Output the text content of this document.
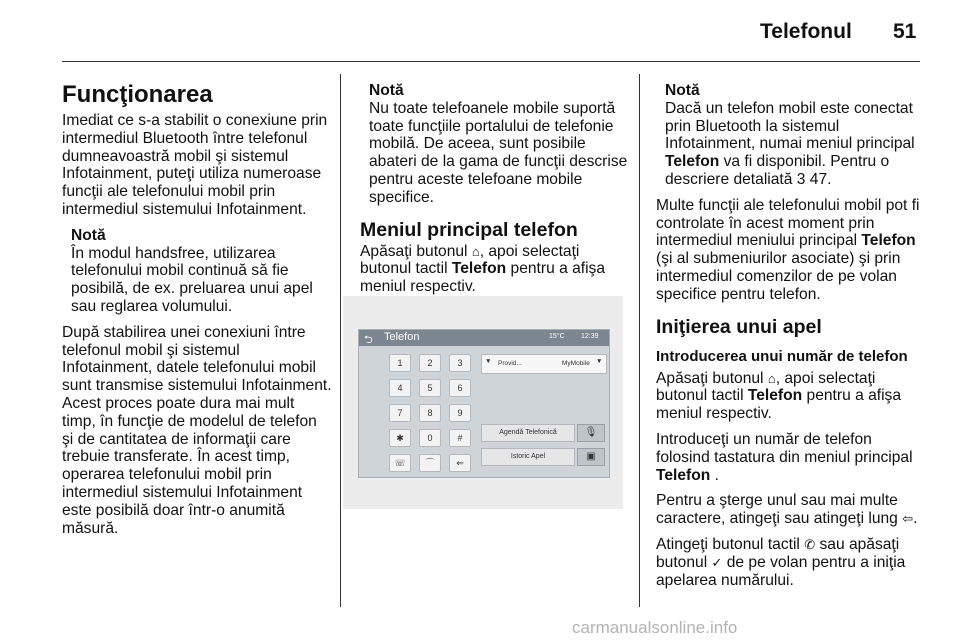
Telefonul 51
Funcţionarea

Imediat ce s-a stabilit o conexiune prin intermediul Bluetooth între telefonul dumneavoastră mobil şi sistemul Infotainment, puteţi utiliza numeroase funcţii ale telefonului mobil prin intermediul sistemului Infotainment.

Notă
În modul handsfree, utilizarea telefonului mobil continuă să fie posibilă, de ex. preluarea unui apel sau reglarea volumului.

După stabilirea unei conexiuni între telefonul mobil şi sistemul Infotainment, datele telefonului mobil sunt transmise sistemului Infotainment. Acest proces poate dura mai mult timp, în funcţie de modelul de telefon şi de cantitatea de informaţii care trebuie transferate. În acest timp, operarea telefonului mobil prin intermediul sistemului Infotainment este posibilă doar într-o anumită măsură.

Notă
Nu toate telefoanele mobile suportă toate funcţiile portalului de telefonie mobilă. De aceea, sunt posibile abateri de la gama de funcţii descrise pentru aceste telefoane mobile specifice.
Meniul principal telefon

Apăsaţi butonul ⌂, apoi selectaţi butonul tactil Telefon pentru a afişa meniul respectiv.

⮌ Telefon	15°C 12:39
1	2	3
4	5	6
7	8	9
✱	0	#
☏	⌒	⇐
▼ Provid...	MyMobile ▼
Agendă Telefonică	🎙
Istoric Apel	▣
Notă
Dacă un telefon mobil este conectat prin Bluetooth la sistemul Infotainment, numai meniul principal Telefon va fi disponibil. Pentru o descriere detaliată 3 47.

Multe funcţii ale telefonului mobil pot fi controlate în acest moment prin intermediul meniului principal Telefon (şi al submeniurilor asociate) şi prin intermediul comenzilor de pe volan specifice pentru telefon.

Iniţierea unui apel
Introducerea unui număr de telefon

Apăsaţi butonul ⌂, apoi selectaţi butonul tactil Telefon pentru a afişa meniul respectiv.

Introduceţi un număr de telefon folosind tastatura din meniul principal Telefon .

Pentru a şterge unul sau mai multe caractere, atingeţi sau atingeţi lung ⇦.

Atingeţi butonul tactil ✆ sau apăsaţi butonul ✓ de pe volan pentru a iniţia apelarea numărului.

carmanualsonline.info
